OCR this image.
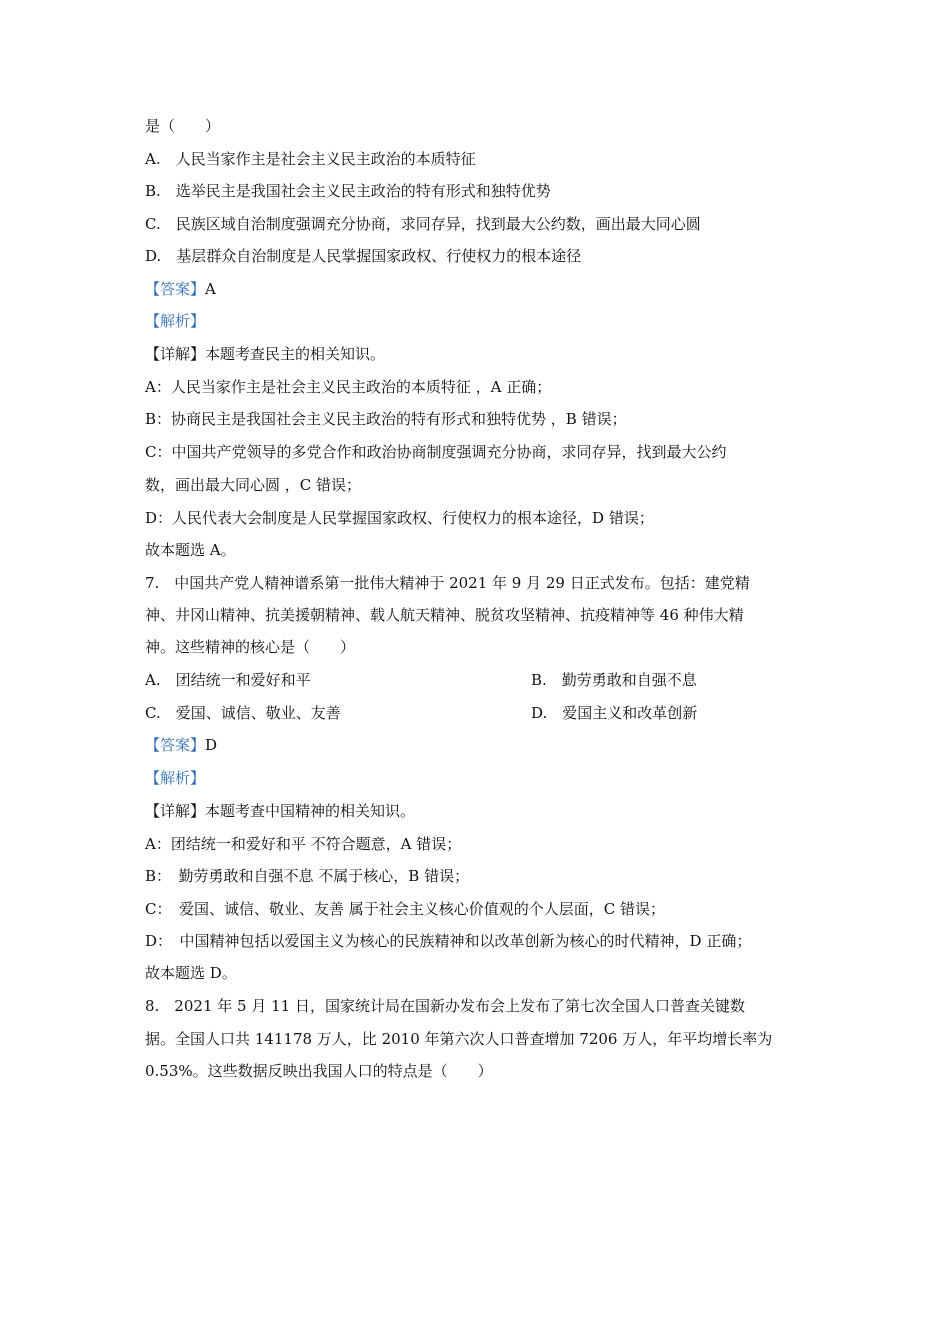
是（　　）
A.　人民当家作主是社会主义民主政治的本质特征
B.　选举民主是我国社会主义民主政治的特有形式和独特优势
C.　民族区域自治制度强调充分协商，求同存异，找到最大公约数，画出最大同心圆
D.　基层群众自治制度是人民掌握国家政权、行使权力的根本途径
【答案】A
【解析】
【详解】本题考查民主的相关知识。
A：人民当家作主是社会主义民主政治的本质特征 ，A 正确；
B：协商民主是我国社会主义民主政治的特有形式和独特优势 ，B 错误；
C：中国共产党领导的多党合作和政治协商制度强调充分协商，求同存异，找到最大公约
数，画出最大同心圆 ，C 错误；
D：人民代表大会制度是人民掌握国家政权、行使权力的根本途径，D 错误；
故本题选 A。
7.　中国共产党人精神谱系第一批伟大精神于 2021 年 9 月 29 日正式发布。包括：建党精
神、井冈山精神、抗美援朝精神、载人航天精神、脱贫攻坚精神、抗疫精神等 46 种伟大精
神。这些精神的核心是（　　）
A.　团结统一和爱好和平	B.　勤劳勇敢和自强不息
C.　爱国、诚信、敬业、友善	D.　爱国主义和改革创新
【答案】D
【解析】
【详解】本题考查中国精神的相关知识。
A：团结统一和爱好和平 不符合题意，A 错误；
B：　勤劳勇敢和自强不息 不属于核心，B 错误；
C：　爱国、诚信、敬业、友善 属于社会主义核心价值观的个人层面，C 错误；
D：　中国精神包括以爱国主义为核心的民族精神和以改革创新为核心的时代精神，D 正确；
故本题选 D。
8.　2021 年 5 月 11 日，国家统计局在国新办发布会上发布了第七次全国人口普查关键数
据。全国人口共 141178 万人，比 2010 年第六次人口普查增加 7206 万人，年平均增长率为
0.53%。这些数据反映出我国人口的特点是（　　）
